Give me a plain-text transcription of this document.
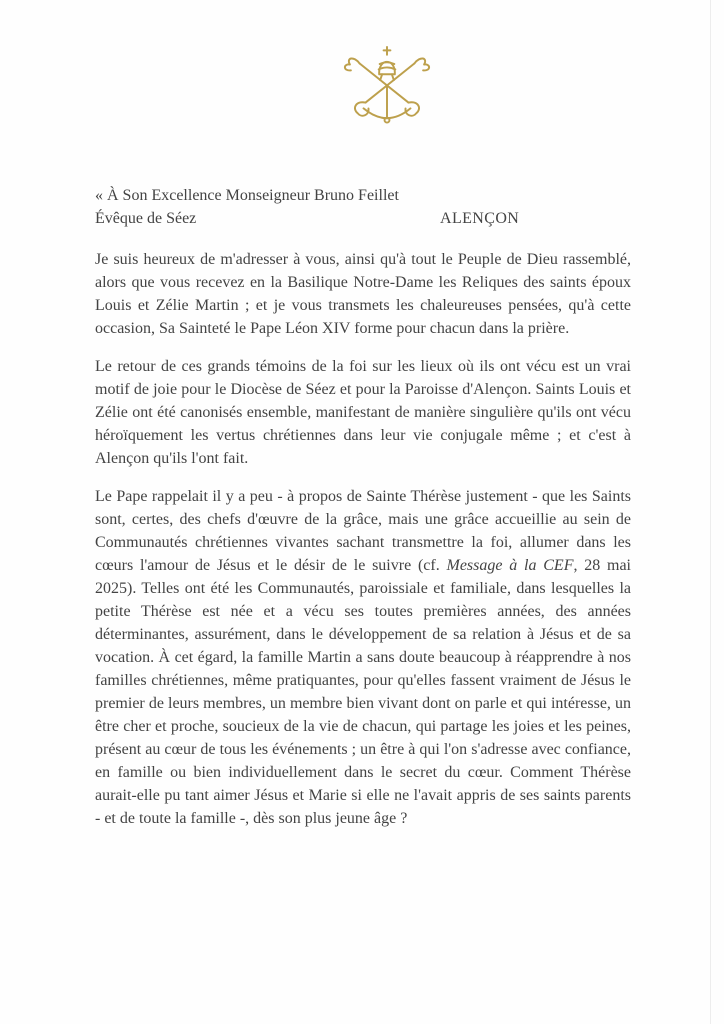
« À Son Excellence Monseigneur Bruno Feillet
Évêque de Séez	ALENÇON

Je suis heureux de m'adresser à vous, ainsi qu'à tout le Peuple de Dieu rassemblé, alors que vous recevez en la Basilique Notre-Dame les Reliques des saints époux Louis et Zélie Martin ; et je vous transmets les chaleureuses pensées, qu'à cette occasion, Sa Sainteté le Pape Léon XIV forme pour chacun dans la prière.

Le retour de ces grands témoins de la foi sur les lieux où ils ont vécu est un vrai motif de joie pour le Diocèse de Séez et pour la Paroisse d'Alençon. Saints Louis et Zélie ont été canonisés ensemble, manifestant de manière singulière qu'ils ont vécu héroïquement les vertus chrétiennes dans leur vie conjugale même ; et c'est à Alençon qu'ils l'ont fait.

Le Pape rappelait il y a peu - à propos de Sainte Thérèse justement - que les Saints sont, certes, des chefs d'œuvre de la grâce, mais une grâce accueillie au sein de Communautés chrétiennes vivantes sachant transmettre la foi, allumer dans les cœurs l'amour de Jésus et le désir de le suivre (cf. Message à la CEF, 28 mai 2025). Telles ont été les Communautés, paroissiale et familiale, dans lesquelles la petite Thérèse est née et a vécu ses toutes premières années, des années déterminantes, assurément, dans le développement de sa relation à Jésus et de sa vocation. À cet égard, la famille Martin a sans doute beaucoup à réapprendre à nos familles chrétiennes, même pratiquantes, pour qu'elles fassent vraiment de Jésus le premier de leurs membres, un membre bien vivant dont on parle et qui intéresse, un être cher et proche, soucieux de la vie de chacun, qui partage les joies et les peines, présent au cœur de tous les événements ; un être à qui l'on s'adresse avec confiance, en famille ou bien individuellement dans le secret du cœur. Comment Thérèse aurait-elle pu tant aimer Jésus et Marie si elle ne l'avait appris de ses saints parents - et de toute la famille -, dès son plus jeune âge ?
